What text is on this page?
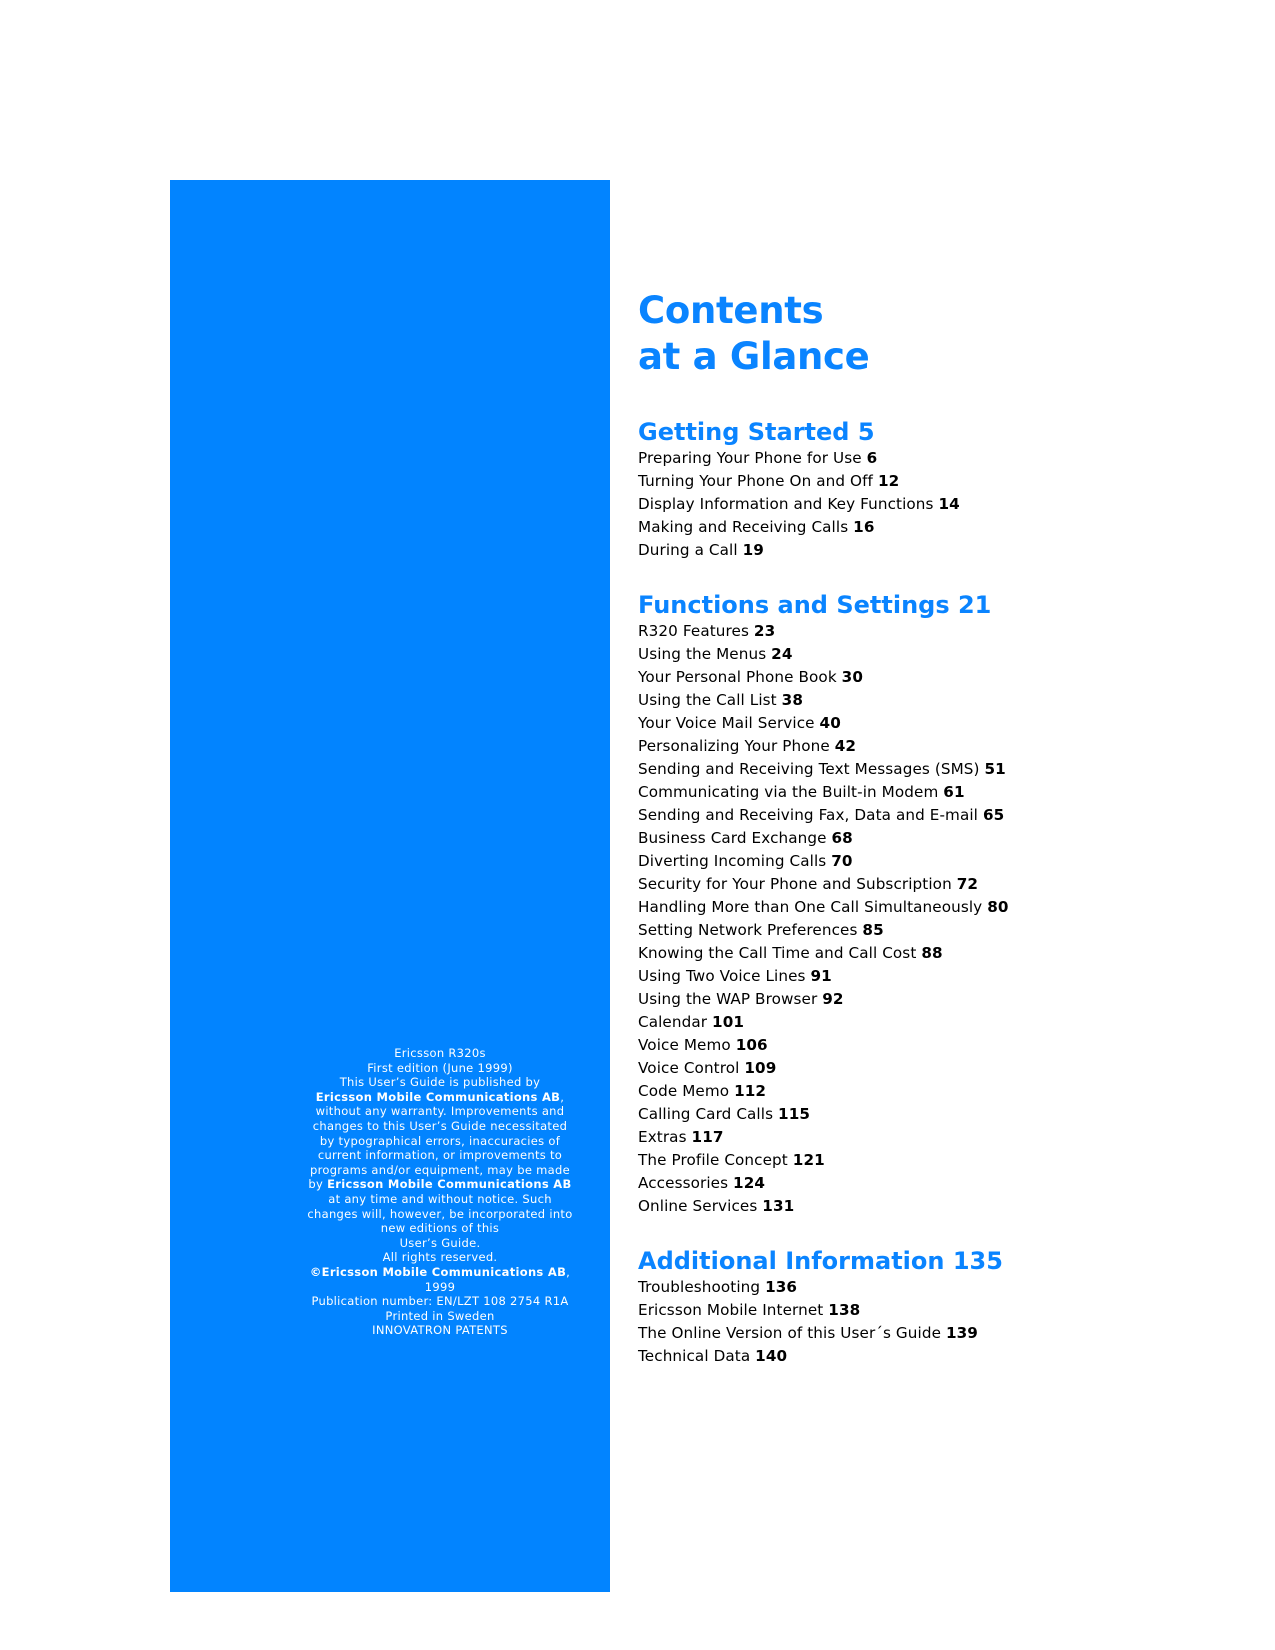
Ericsson R320s
First edition (June 1999)
This User’s Guide is published by
Ericsson Mobile Communications AB,
without any warranty. Improvements and
changes to this User’s Guide necessitated
by typographical errors, inaccuracies of
current information, or improvements to
programs and/or equipment, may be made
by Ericsson Mobile Communications AB
at any time and without notice. Such
changes will, however, be incorporated into
new editions of this
User’s Guide.
All rights reserved.
©Ericsson Mobile Communications AB,
1999
Publication number: EN/LZT 108 2754 R1A
Printed in Sweden
INNOVATRON PATENTS
Contents
at a Glance
Getting Started 5
Preparing Your Phone for Use 6
Turning Your Phone On and Off 12
Display Information and Key Functions 14
Making and Receiving Calls 16
During a Call 19
Functions and Settings 21
R320 Features 23
Using the Menus 24
Your Personal Phone Book 30
Using the Call List 38
Your Voice Mail Service 40
Personalizing Your Phone 42
Sending and Receiving Text Messages (SMS) 51
Communicating via the Built-in Modem 61
Sending and Receiving Fax, Data and E-mail 65
Business Card Exchange 68
Diverting Incoming Calls 70
Security for Your Phone and Subscription 72
Handling More than One Call Simultaneously 80
Setting Network Preferences 85
Knowing the Call Time and Call Cost 88
Using Two Voice Lines 91
Using the WAP Browser 92
Calendar 101
Voice Memo 106
Voice Control 109
Code Memo 112
Calling Card Calls 115
Extras 117
The Profile Concept 121
Accessories 124
Online Services 131
Additional Information 135
Troubleshooting 136
Ericsson Mobile Internet 138
The Online Version of this User´s Guide 139
Technical Data 140
